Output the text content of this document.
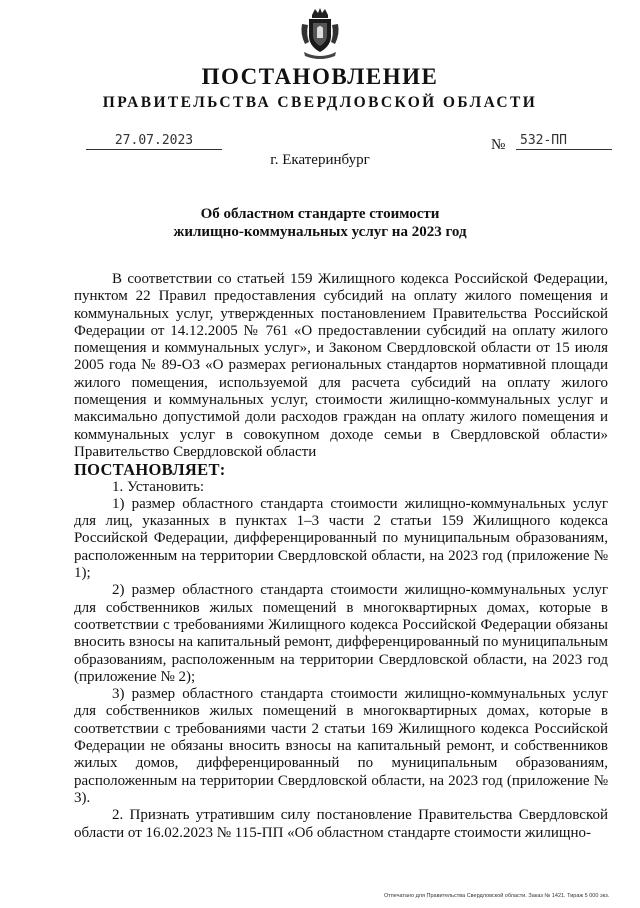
ПОСТАНОВЛЕНИЕ
ПРАВИТЕЛЬСТВА СВЕРДЛОВСКОЙ ОБЛАСТИ
27.07.2023	№	532-ПП
г. Екатеринбург
Об областном стандарте стоимости
жилищно-коммунальных услуг на 2023 год

В соответствии со статьей 159 Жилищного кодекса Российской Федерации, пунктом 22 Правил предоставления субсидий на оплату жилого помещения и коммунальных услуг, утвержденных постановлением Правительства Российской Федерации от 14.12.2005 № 761 «О предоставлении субсидий на оплату жилого помещения и коммунальных услуг», и Законом Свердловской области от 15 июля 2005 года № 89-ОЗ «О размерах региональных стандартов нормативной площади жилого помещения, используемой для расчета субсидий на оплату жилого помещения и коммунальных услуг, стоимости жилищно-коммунальных услуг и максимально допустимой доли расходов граждан на оплату жилого помещения и коммунальных услуг в совокупном доходе семьи в Свердловской области» Правительство Свердловской области

ПОСТАНОВЛЯЕТ:

1. Установить:

1) размер областного стандарта стоимости жилищно-коммунальных услуг для лиц, указанных в пунктах 1–3 части 2 статьи 159 Жилищного кодекса Российской Федерации, дифференцированный по муниципальным образованиям, расположенным на территории Свердловской области, на 2023 год (приложение № 1);

2) размер областного стандарта стоимости жилищно-коммунальных услуг для собственников жилых помещений в многоквартирных домах, которые в соответствии с требованиями Жилищного кодекса Российской Федерации обязаны вносить взносы на капитальный ремонт, дифференцированный по муниципальным образованиям, расположенным на территории Свердловской области, на 2023 год (приложение № 2);

3) размер областного стандарта стоимости жилищно-коммунальных услуг для собственников жилых помещений в многоквартирных домах, которые в соответствии с требованиями части 2 статьи 169 Жилищного кодекса Российской Федерации не обязаны вносить взносы на капитальный ремонт, и собственников жилых домов, дифференцированный по муниципальным образованиям, расположенным на территории Свердловской области, на 2023 год (приложение № 3).

2. Признать утратившим силу постановление Правительства Свердловской области от 16.02.2023 № 115-ПП «Об областном стандарте стоимости жилищно-

Отпечатано для Правительства Свердловской области. Заказ № 1421. Тираж 5 000 экз.
